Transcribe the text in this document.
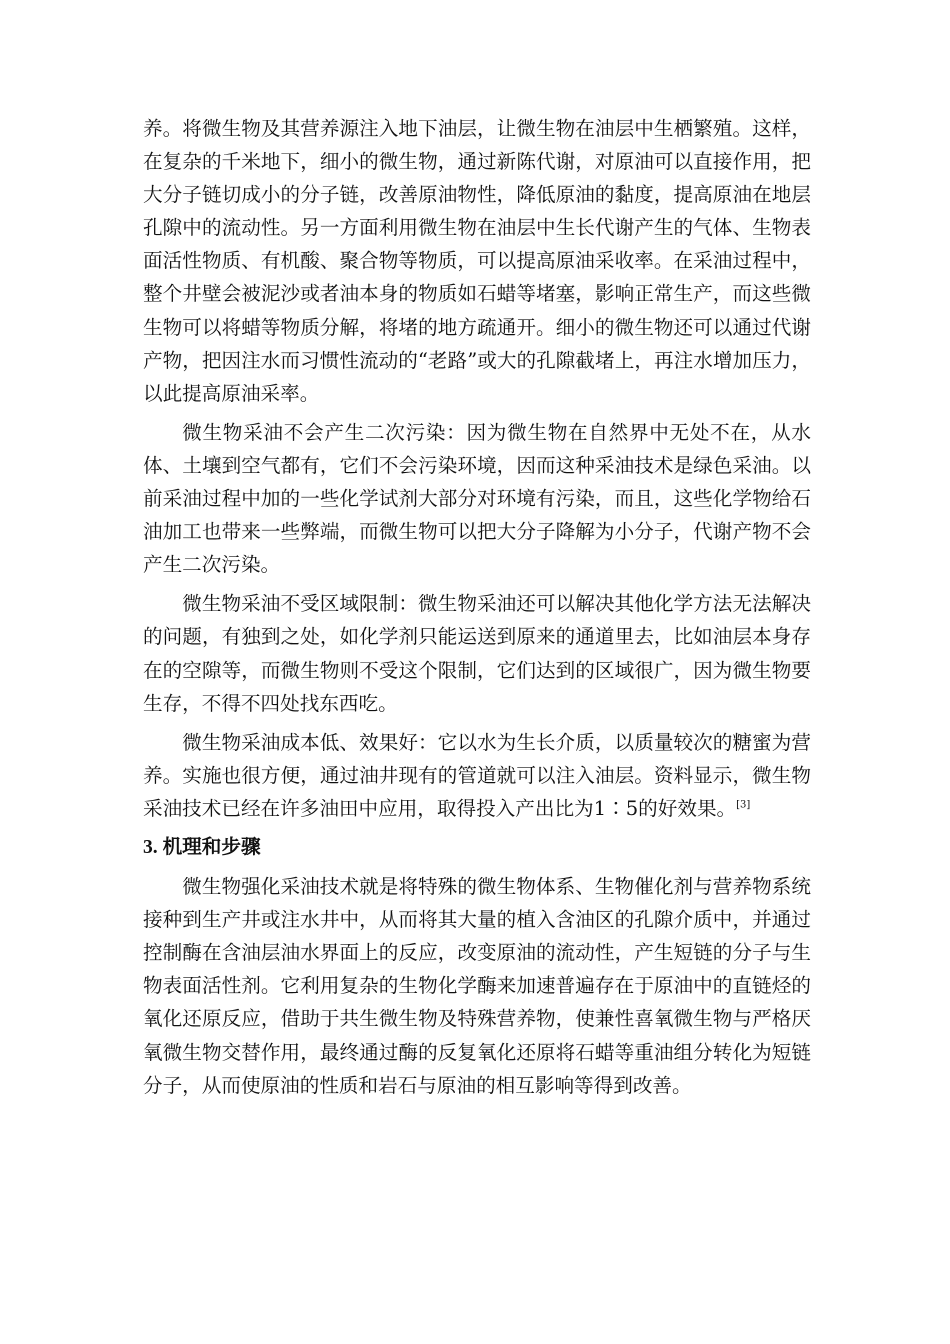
养。将微生物及其营养源注入地下油层，让微生物在油层中生栖繁殖。这样，在复杂的千米地下，细小的微生物，通过新陈代谢，对原油可以直接作用，把大分子链切成小的分子链，改善原油物性，降低原油的黏度，提高原油在地层孔隙中的流动性。另一方面利用微生物在油层中生长代谢产生的气体、生物表面活性物质、有机酸、聚合物等物质，可以提高原油采收率。在采油过程中，整个井壁会被泥沙或者油本身的物质如石蜡等堵塞，影响正常生产，而这些微生物可以将蜡等物质分解，将堵的地方疏通开。细小的微生物还可以通过代谢产物，把因注水而习惯性流动的“老路”或大的孔隙截堵上，再注水增加压力，以此提高原油采率。

微生物采油不会产生二次污染：因为微生物在自然界中无处不在，从水体、土壤到空气都有，它们不会污染环境，因而这种采油技术是绿色采油。以前采油过程中加的一些化学试剂大部分对环境有污染，而且，这些化学物给石油加工也带来一些弊端，而微生物可以把大分子降解为小分子，代谢产物不会产生二次污染。

微生物采油不受区域限制：微生物采油还可以解决其他化学方法无法解决的问题，有独到之处，如化学剂只能运送到原来的通道里去，比如油层本身存在的空隙等，而微生物则不受这个限制，它们达到的区域很广，因为微生物要生存，不得不四处找东西吃。

微生物采油成本低、效果好：它以水为生长介质，以质量较次的糖蜜为营养。实施也很方便，通过油井现有的管道就可以注入油层。资料显示，微生物采油技术已经在许多油田中应用，取得投入产出比为1∶5的好效果。[3]

3. 机理和步骤

微生物强化采油技术就是将特殊的微生物体系、生物催化剂与营养物系统接种到生产井或注水井中，从而将其大量的植入含油区的孔隙介质中，并通过控制酶在含油层油水界面上的反应，改变原油的流动性，产生短链的分子与生物表面活性剂。它利用复杂的生物化学酶来加速普遍存在于原油中的直链烃的氧化还原反应，借助于共生微生物及特殊营养物，使兼性喜氧微生物与严格厌氧微生物交替作用，最终通过酶的反复氧化还原将石蜡等重油组分转化为短链分子，从而使原油的性质和岩石与原油的相互影响等得到改善。
